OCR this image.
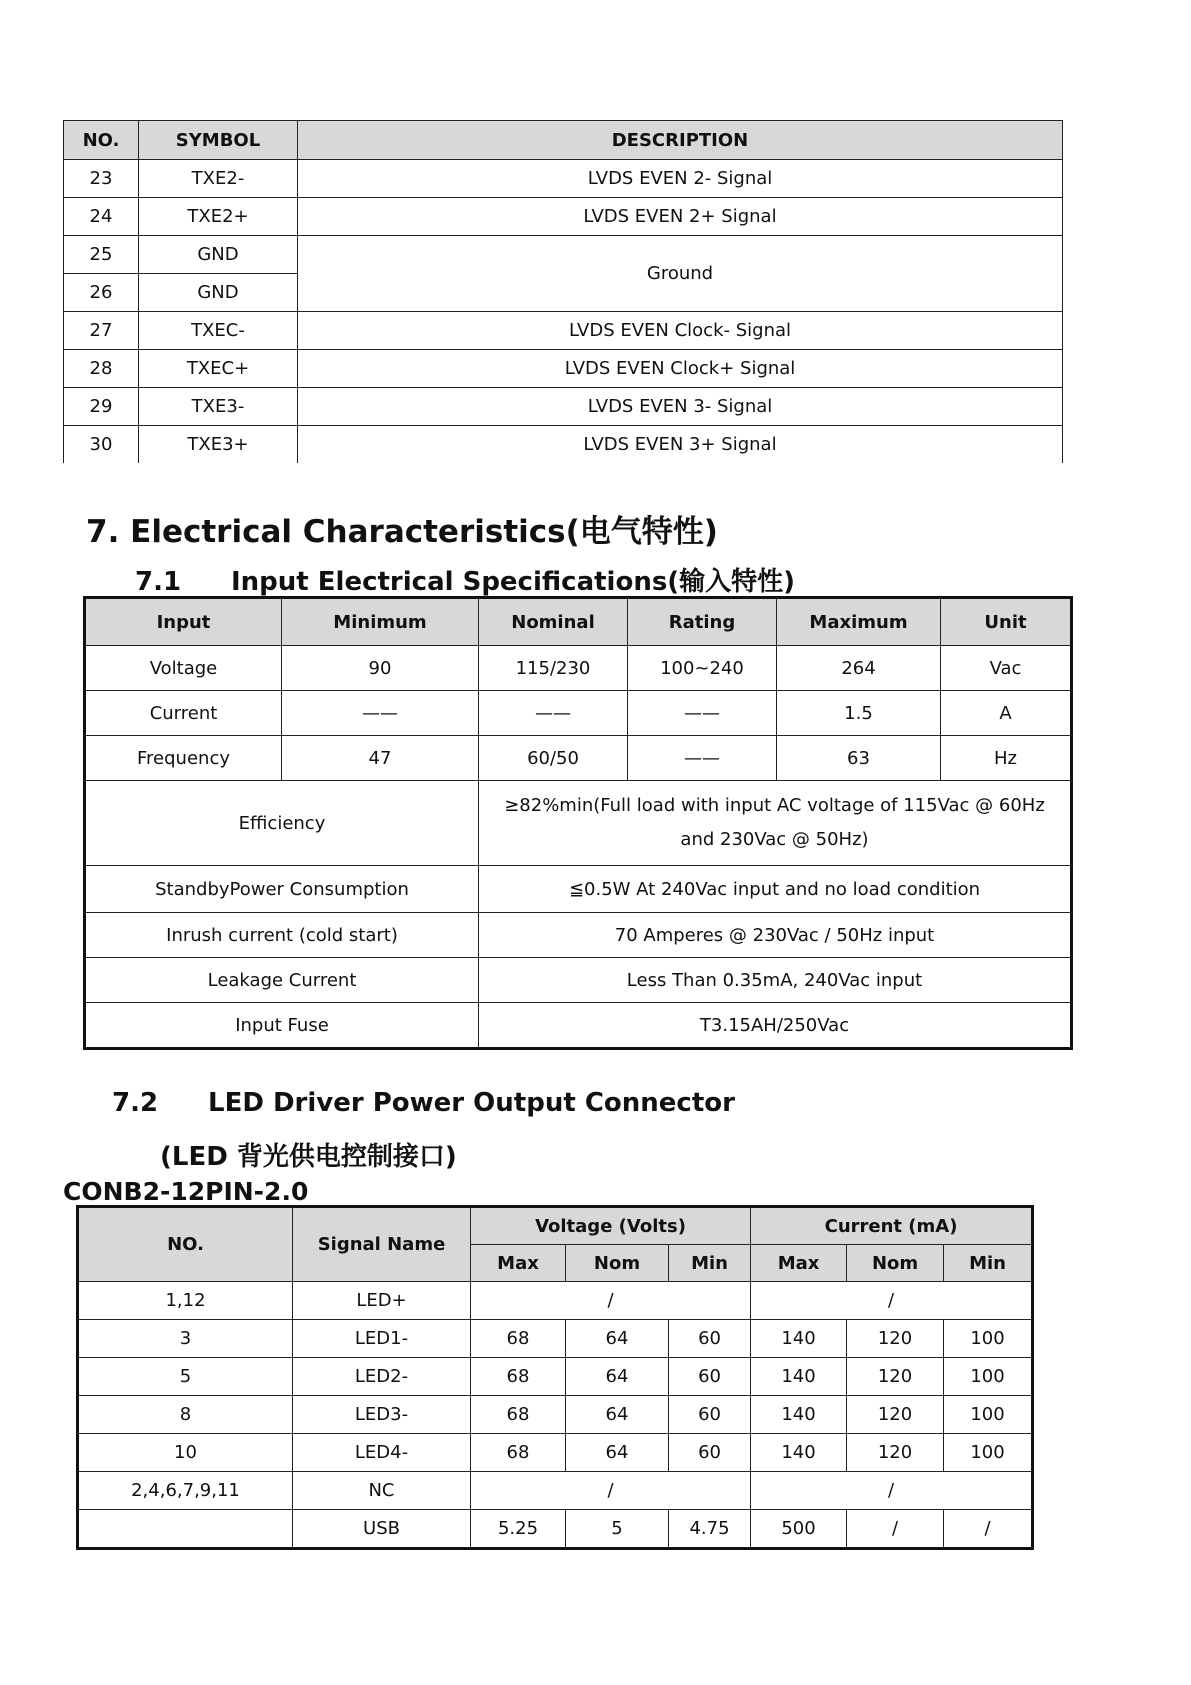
NO.	SYMBOL	DESCRIPTION
23	TXE2-	LVDS EVEN 2- Signal
24	TXE2+	LVDS EVEN 2+ Signal
25	GND	Ground
26	GND	
27	TXEC-	LVDS EVEN Clock- Signal
28	TXEC+	LVDS EVEN Clock+ Signal
29	TXE3-	LVDS EVEN 3- Signal
30	TXE3+	LVDS EVEN 3+ Signal
7. Electrical Characteristics(电气特性)
7.1 Input Electrical Specifications(输入特性)
Input	Minimum	Nominal	Rating	Maximum	Unit
Voltage	90	115/230	100~240	264	Vac
Current	——	——	——	1.5	A
Frequency	47	60/50	——	63	Hz
Efficiency		≥82%min(Full load with input AC voltage of 115Vac @ 60Hz
and 230Vac @ 50Hz)			

StandbyPower Consumption		≦0.5W At 240Vac input and no load condition			
Inrush current (cold start)		70 Amperes @ 230Vac / 50Hz input			
Leakage Current		Less Than 0.35mA, 240Vac input			
Input Fuse		T3.15AH/250Vac			
7.2 LED Driver Power Output Connector
(LED 背光供电控制接口)
CONB2-12PIN-2.0
NO.	Signal Name	Voltage (Volts)			Current (mA)		
		Max	Nom	Min	Max	Nom	Min
1,12	LED+	/			/		
3	LED1-	68	64	60	140	120	100
5	LED2-	68	64	60	140	120	100
8	LED3-	68	64	60	140	120	100
10	LED4-	68	64	60	140	120	100
2,4,6,7,9,11	NC	/			/		
	USB	5.25	5	4.75	500	/	/
